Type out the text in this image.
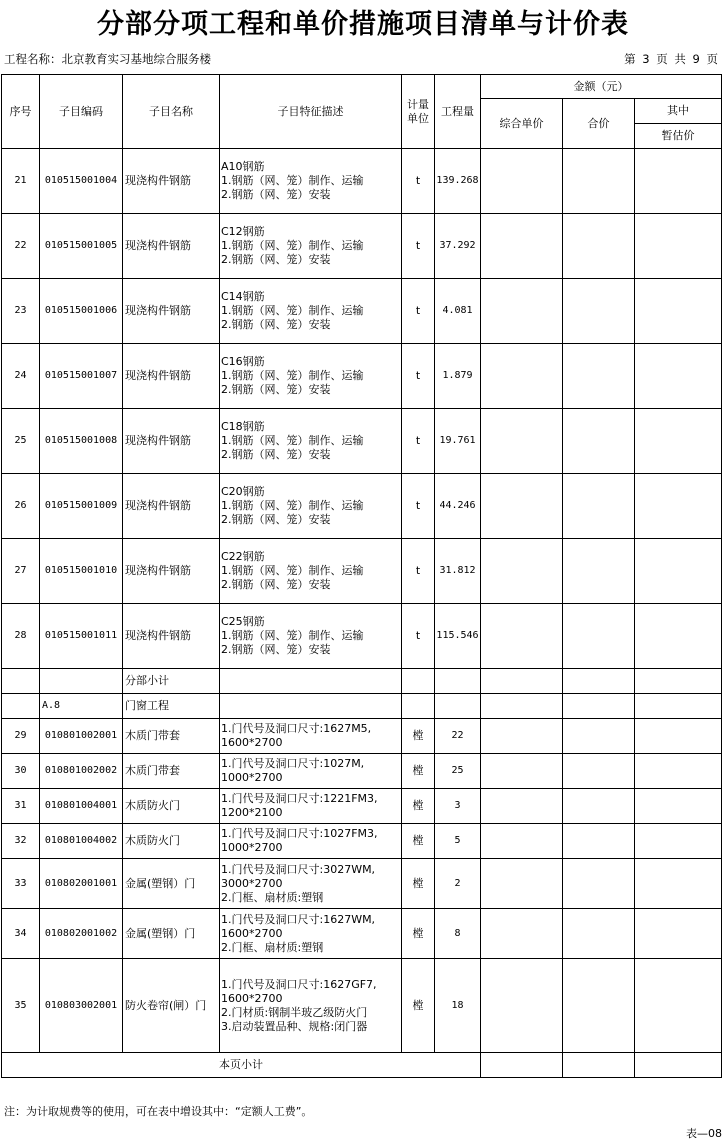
分部分项工程和单价措施项目清单与计价表
工程名称：北京教育实习基地综合服务楼	第 3 页 共 9 页
序号	子目编码	子目名称	子目特征描述	计量单位	工程量	金额（元）		
						综合单价	合价	其中
								暂估价
21	010515001004	现浇构件钢筋	A10钢筋
1.钢筋（网、笼）制作、运输
2.钢筋（网、笼）安装	t	139.268			
22	010515001005	现浇构件钢筋	C12钢筋
1.钢筋（网、笼）制作、运输
2.钢筋（网、笼）安装	t	37.292			
23	010515001006	现浇构件钢筋	C14钢筋
1.钢筋（网、笼）制作、运输
2.钢筋（网、笼）安装	t	4.081			
24	010515001007	现浇构件钢筋	C16钢筋
1.钢筋（网、笼）制作、运输
2.钢筋（网、笼）安装	t	1.879			
25	010515001008	现浇构件钢筋	C18钢筋
1.钢筋（网、笼）制作、运输
2.钢筋（网、笼）安装	t	19.761			
26	010515001009	现浇构件钢筋	C20钢筋
1.钢筋（网、笼）制作、运输
2.钢筋（网、笼）安装	t	44.246			
27	010515001010	现浇构件钢筋	C22钢筋
1.钢筋（网、笼）制作、运输
2.钢筋（网、笼）安装	t	31.812			
28	010515001011	现浇构件钢筋	C25钢筋
1.钢筋（网、笼）制作、运输
2.钢筋（网、笼）安装	t	115.546			
		分部小计						
	A.8	门窗工程						
29	010801002001	木质门带套	1.门代号及洞口尺寸:1627M5,
1600*2700	樘	22			
30	010801002002	木质门带套	1.门代号及洞口尺寸:1027M,
1000*2700	樘	25			
31	010801004001	木质防火门	1.门代号及洞口尺寸:1221FM3,
1200*2100	樘	3			
32	010801004002	木质防火门	1.门代号及洞口尺寸:1027FM3,
1000*2700	樘	5			
33	010802001001	金属(塑钢）门	1.门代号及洞口尺寸:3027WM,
3000*2700
2.门框、扇材质:塑钢	樘	2			
34	010802001002	金属(塑钢）门	1.门代号及洞口尺寸:1627WM,
1600*2700
2.门框、扇材质:塑钢	樘	8			
35	010803002001	防火卷帘(闸）门	1.门代号及洞口尺寸:1627GF7,
1600*2700
2.门材质:钢制半玻乙级防火门
3.启动装置品种、规格:闭门器	樘	18			
本页小计								
注：为计取规费等的使用，可在表中增设其中：“定额人工费”。
表—08
